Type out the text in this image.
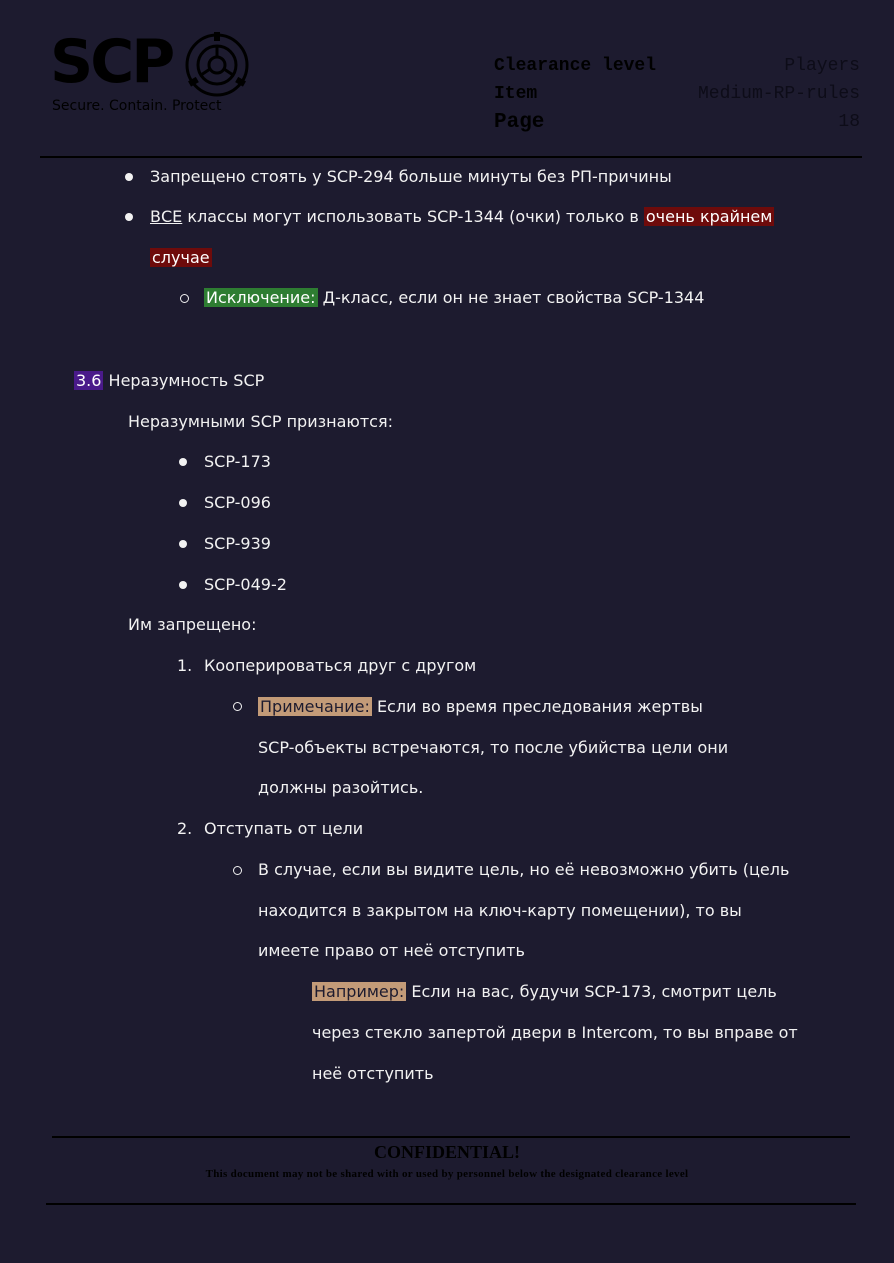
SCP
Secure. Contain. Protect
Clearance level	Players
Item	Medium-RP-rules
Page	18
Запрещено стоять у SCP-294 больше минуты без РП-причины
ВСЕ классы могут использовать SCP-1344 (очки) только в очень крайнем
случае
Исключение: Д-класс, если он не знает свойства SCP-1344
3.6 Неразумность SCP
Неразумными SCP признаются:
SCP-173
SCP-096
SCP-939
SCP-049-2
Им запрещено:
1. Кооперироваться друг с другом
Примечание: Если во время преследования жертвы
SCP-объекты встречаются, то после убийства цели они
должны разойтись.
2. Отступать от цели
В случае, если вы видите цель, но её невозможно убить (цель
находится в закрытом на ключ-карту помещении), то вы
имеете право от неё отступить
Например: Если на вас, будучи SCP-173, смотрит цель
через стекло запертой двери в Intercom, то вы вправе от
неё отступить
CONFIDENTIAL!
This document may not be shared with or used by personnel below the designated clearance level
